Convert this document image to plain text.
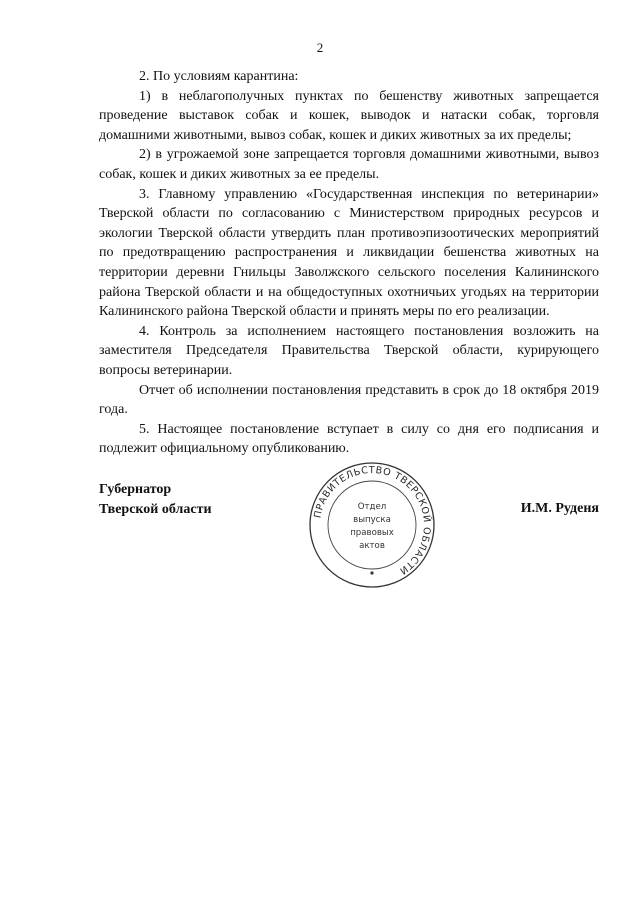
2

2. По условиям карантина:

1) в неблагополучных пунктах по бешенству животных запрещается проведение выставок собак и кошек, выводок и натаски собак, торговля домашними животными, вывоз собак, кошек и диких животных за их пределы;

2) в угрожаемой зоне запрещается торговля домашними животными, вывоз собак, кошек и диких животных за ее пределы.

3. Главному управлению «Государственная инспекция по ветеринарии» Тверской области по согласованию с Министерством природных ресурсов и экологии Тверской области утвердить план противоэпизоотических мероприятий по предотвращению распространения и ликвидации бешенства животных на территории деревни Гнильцы Заволжского сельского поселения Калининского района Тверской области и на общедоступных охотничьих угодьях на территории Калининского района Тверской области и принять меры по его реализации.

4. Контроль за исполнением настоящего постановления возложить на заместителя Председателя Правительства Тверской области, курирующего вопросы ветеринарии.

Отчет об исполнении постановления представить в срок до 18 октября 2019 года.

5. Настоящее постановление вступает в силу со дня его подписания и подлежит официальному опубликованию.

Губернатор
Тверской области	ПРАВИТЕЛЬСТВО ТВЕРСКОЙ ОБЛАСТИ
Отдел
выпуска
правовых
актов
И.М. Руденя
